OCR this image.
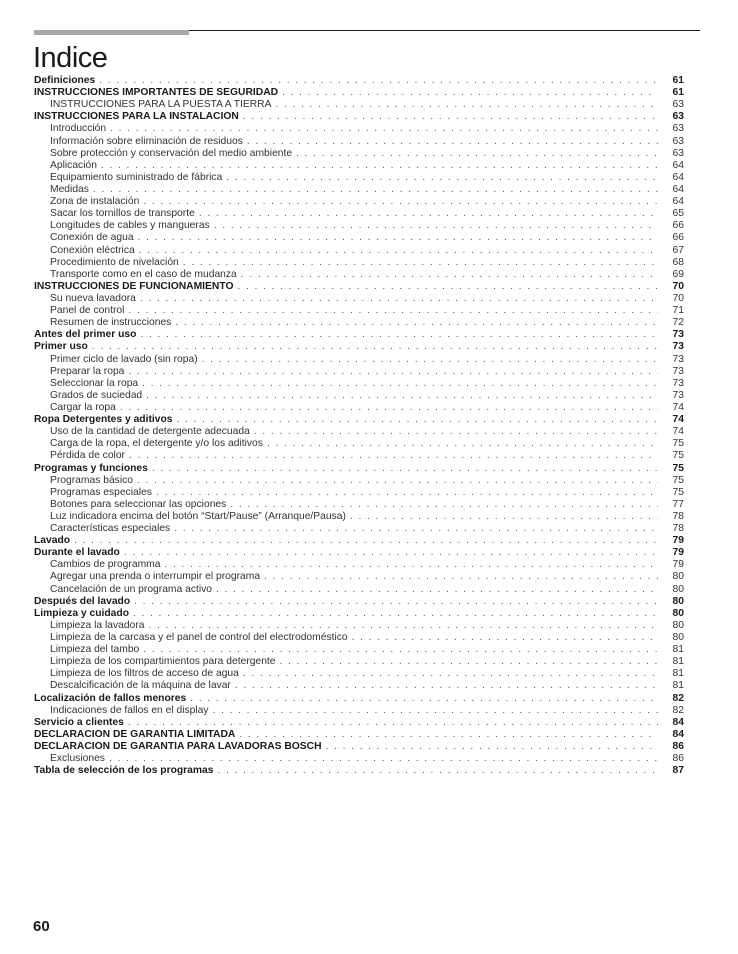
Indice
Definiciones . . .	61
INSTRUCCIONES IMPORTANTES DE SEGURIDAD . . .	61
INSTRUCCIONES PARA LA PUESTA A TIERRA . . .	63
INSTRUCCIONES PARA LA INSTALACIÓN . . .	63
Introducción . . .	63
Información sobre eliminación de residuos . . .	63
Sobre protección y conservación del medio ambiente . . .	63
Aplicación . . .	64
Equipamiento suministrado de fábrica . . .	64
Medidas . . .	64
Zona de instalación . . .	64
Sacar los tornillos de transporte . . .	65
Longitudes de cables y mangueras . . .	66
Conexión de agua . . .	66
Conexión eléctrica . . .	67
Procedimiento de nivelación . . .	68
Transporte como en el caso de mudanza . . .	69
INSTRUCCIONES DE FUNCIONAMIENTO . . .	70
Su nueva lavadora . . .	70
Panel de control . . .	71
Resumen de instrucciones . . .	72
Antes del primer uso . . .	73
Primer uso . . .	73
Primer ciclo de lavado (sin ropa) . . .	73
Preparar la ropa . . .	73
Seleccionar la ropa . . .	73
Grados de suciedad . . .	73
Cargar la ropa . . .	74
Ropa Detergentes y aditivos . . .	74
Uso de la cantidad de detergente adecuada . . .	74
Carga de la ropa, el detergente y/o los aditivos . . .	75
Pérdida de color . . .	75
Programas y funciones . . .	75
Programas básico . . .	75
Programas especiales . . .	75
Botones para seleccionar las opciones . . .	77
Luz indicadora encima del botón “Start/Pause” (Arranque/Pausa) . . .	78
Características especiales . . .	78
Lavado . . .	79
Durante el lavado . . .	79
Cambios de programma . . .	79
Agregar una prenda o interrumpir el programa . . .	80
Cancelación de un programa activo . . .	80
Después del lavado . . .	80
Limpieza y cuidado . . .	80
Limpieza la lavadora . . .	80
Limpieza de la carcasa y el panel de control del electrodoméstico . . .	80
Limpieza del tambo . . .	81
Limpieza de los compartimientos para detergente . . .	81
Limpieza de los filtros de acceso de agua . . .	81
Descalcificación de la máquina de lavar . . .	81
Localización de fallos menores . . .	82
Indicaciones de fallos en el display . . .	82
Servicio a clientes . . .	84
DECLARACIÓN DE GARANTÍA LIMITADA . . .	84
DECLARACIÓN DE GARANTÍA PARA LAVADORAS BOSCH . . .	86
Exclusiones . . .	86
Tabla de selección de los programas . . .	87
60
